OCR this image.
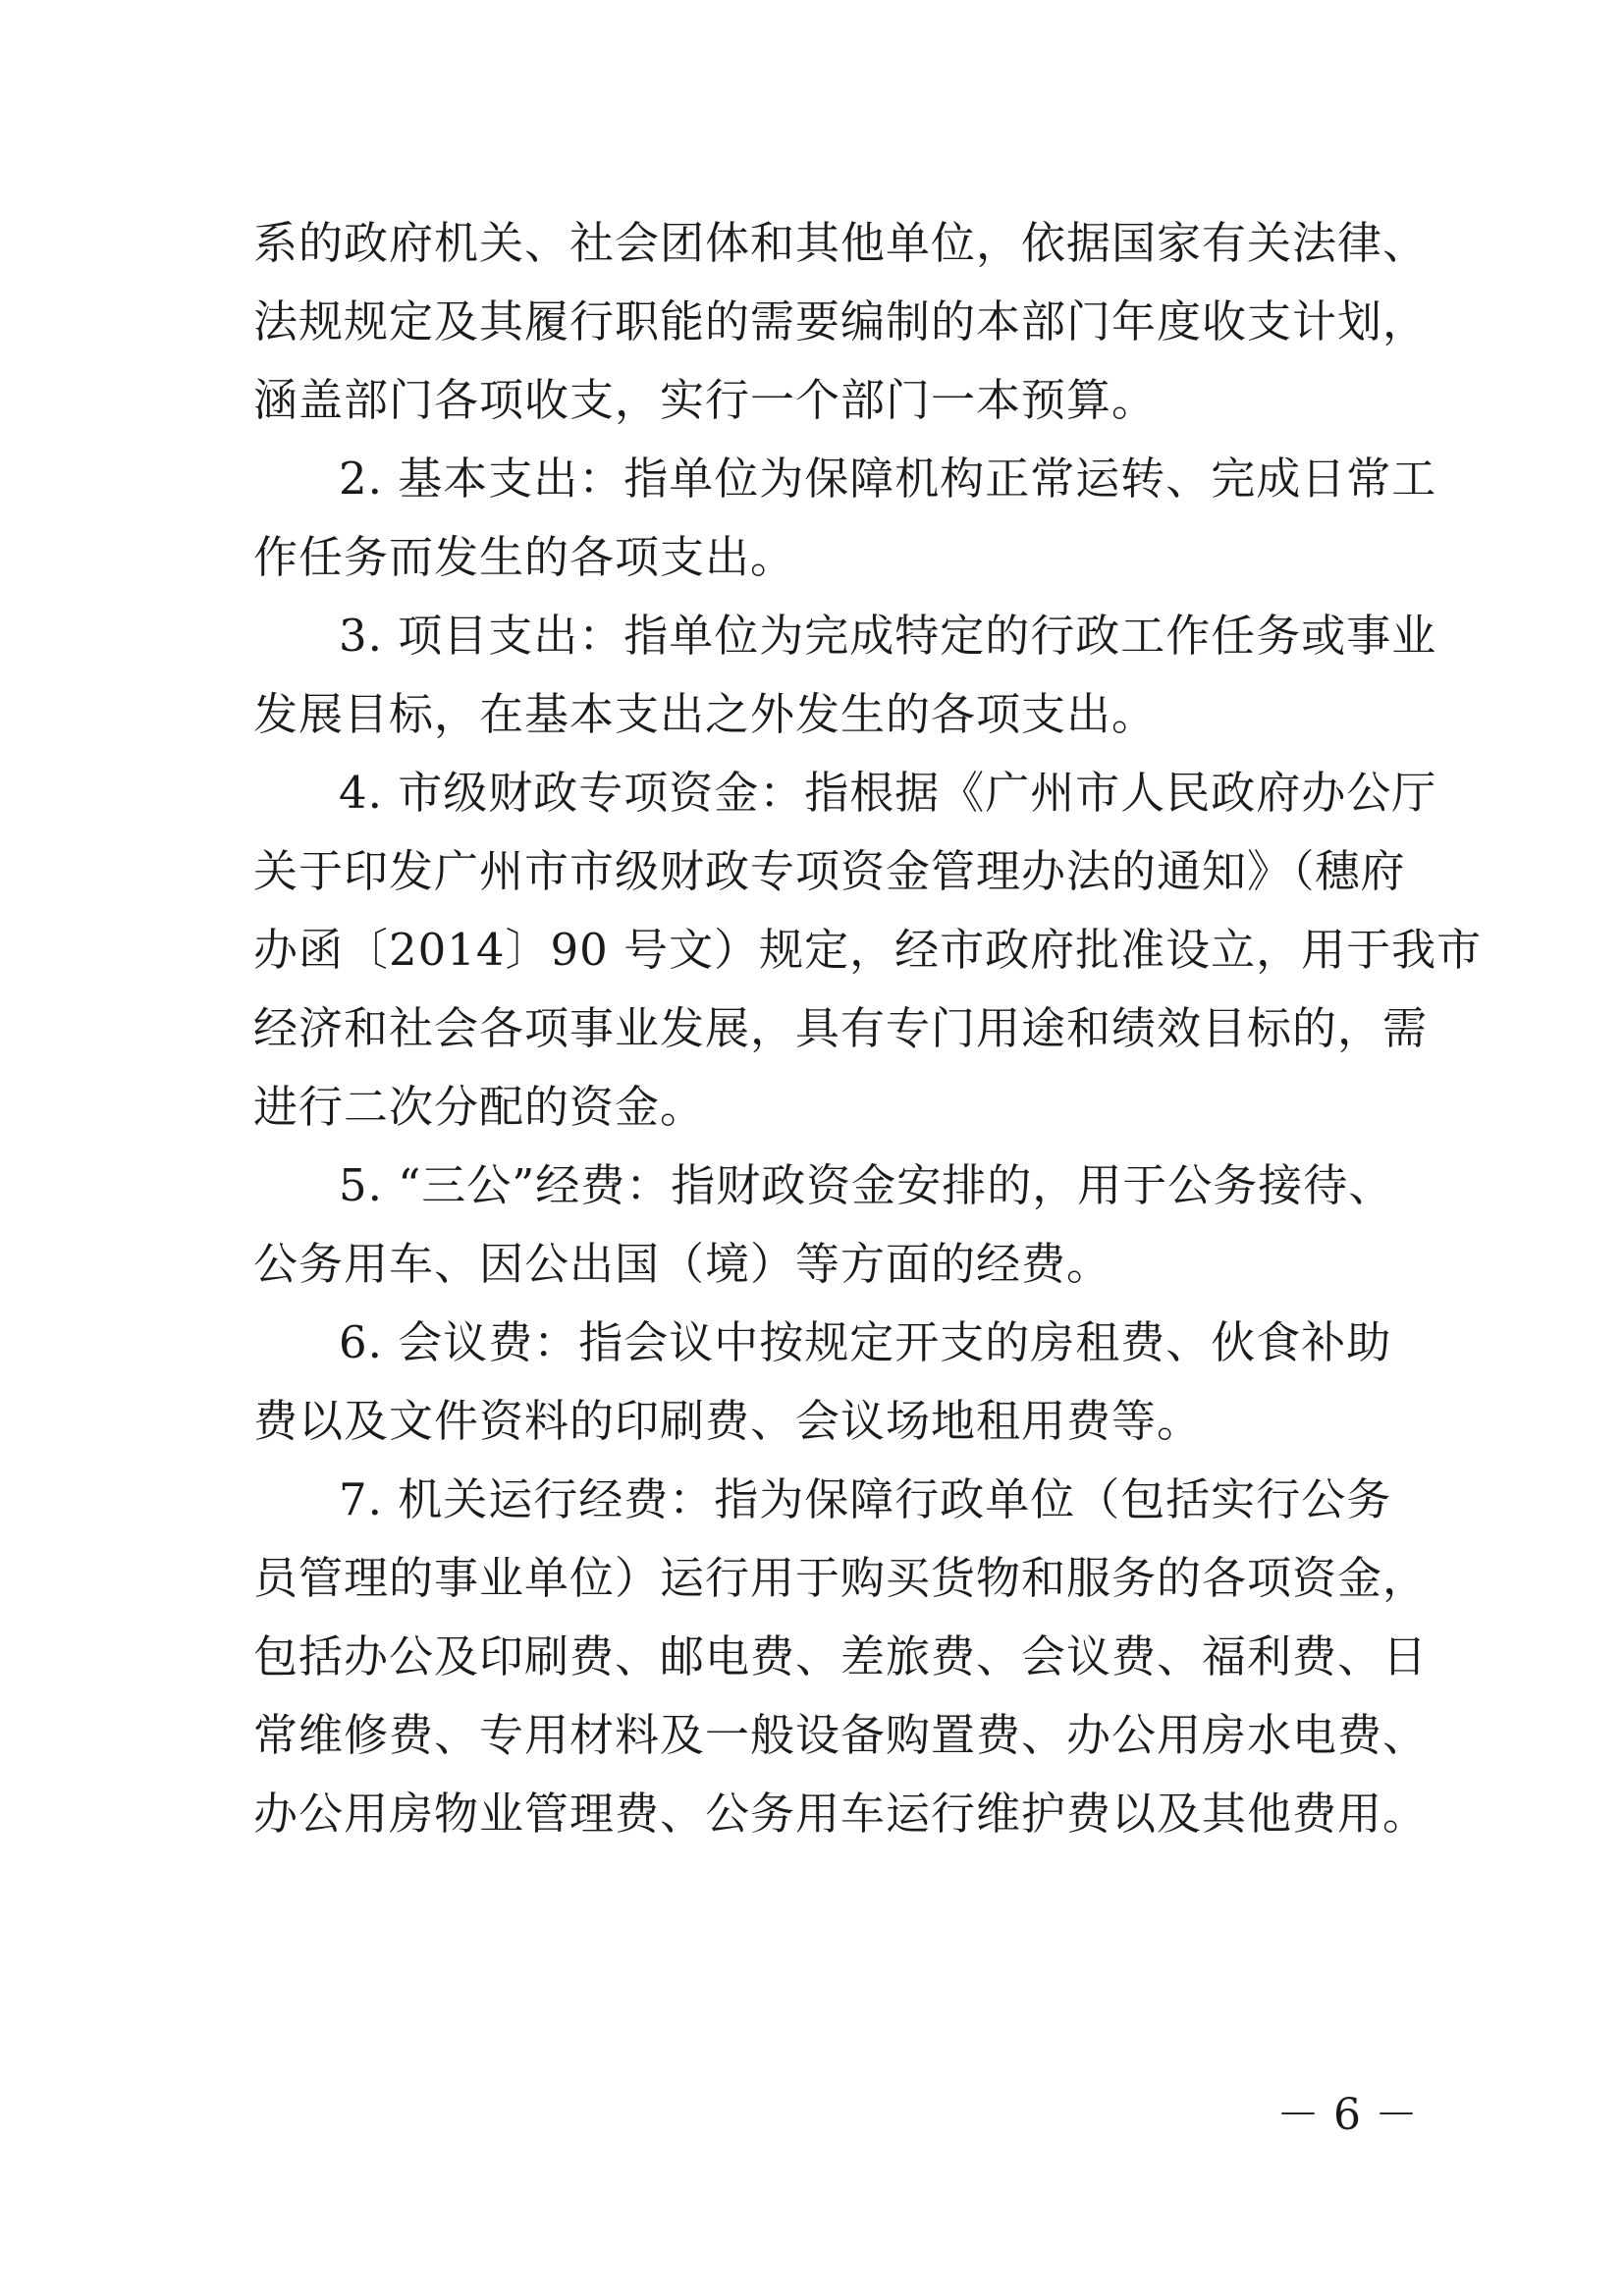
系的政府机关、社会团体和其他单位，依据国家有关法律、
法规规定及其履行职能的需要编制的本部门年度收支计划，
涵盖部门各项收支，实行一个部门一本预算。
2. 基本支出：指单位为保障机构正常运转、完成日常工
作任务而发生的各项支出。
3. 项目支出：指单位为完成特定的行政工作任务或事业
发展目标，在基本支出之外发生的各项支出。
4. 市级财政专项资金：指根据《广州市人民政府办公厅
关于印发广州市市级财政专项资金管理办法的通知》（穗府
办函〔2014〕90 号文）规定，经市政府批准设立，用于我市
经济和社会各项事业发展，具有专门用途和绩效目标的，需
进行二次分配的资金。
5. “三公”经费：指财政资金安排的，用于公务接待、
公务用车、因公出国（境）等方面的经费。
6. 会议费：指会议中按规定开支的房租费、伙食补助
费以及文件资料的印刷费、会议场地租用费等。
7. 机关运行经费：指为保障行政单位（包括实行公务
员管理的事业单位）运行用于购买货物和服务的各项资金，
包括办公及印刷费、邮电费、差旅费、会议费、福利费、日
常维修费、专用材料及一般设备购置费、办公用房水电费、
办公用房物业管理费、公务用车运行维护费以及其他费用。
－ 6 －
